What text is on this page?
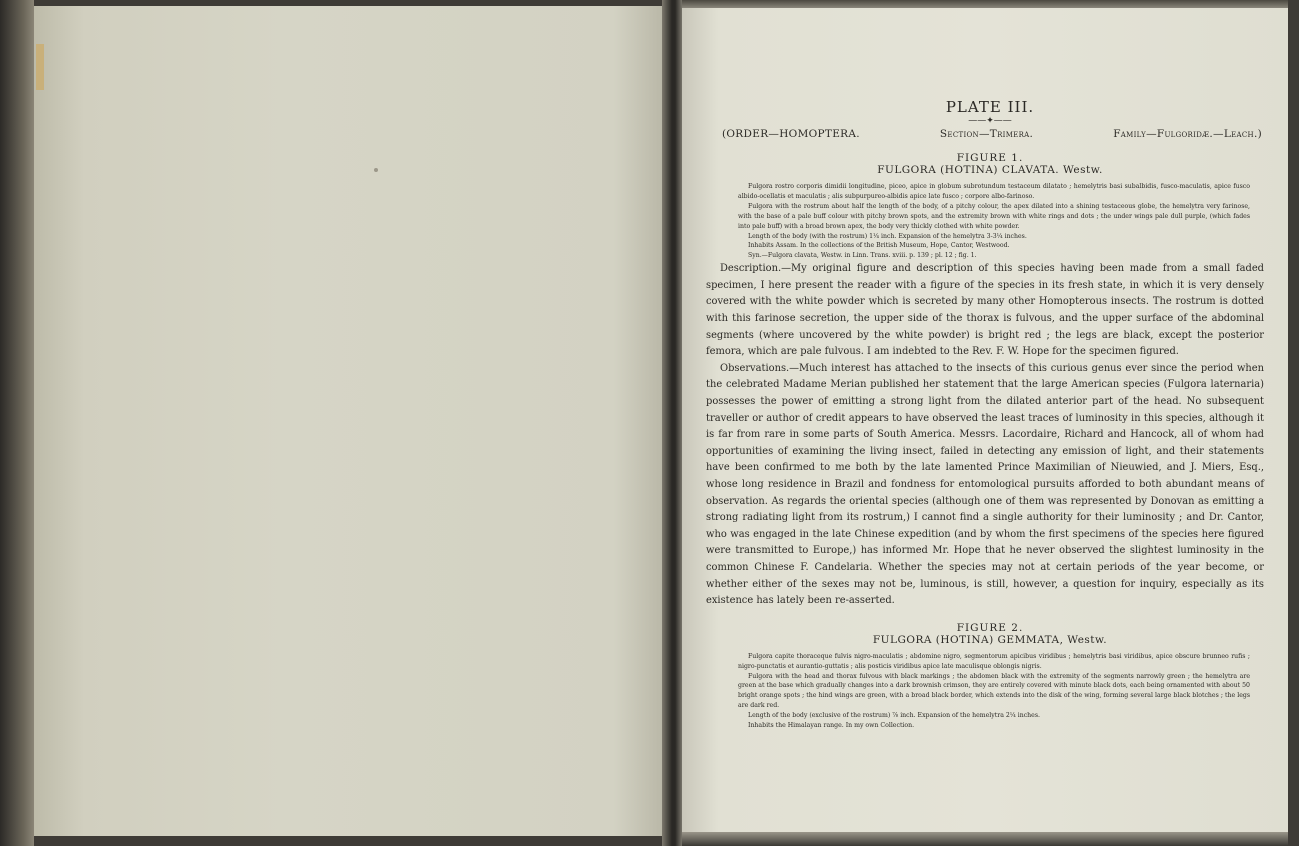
PLATE III.

——✦——

(ORDER—HOMOPTERA.	Section—Trimera.	Family—Fulgoridæ.—Leach.)

FIGURE 1.

FULGORA (HOTINA) CLAVATA. Westw.

Fulgora rostro corporis dimidii longitudine, piceo, apice in globum subrotundum testaceum dilatato ; hemelytris basi subalbidis, fusco-maculatis, apice fusco albido-ocellatis et maculatis ; alis subpurpureo-albidis apice late fusco ; corpore albo-farinoso.

Fulgora with the rostrum about half the length of the body, of a pitchy colour, the apex dilated into a shining testaceous globe, the hemelytra very farinose, with the base of a pale buff colour with pitchy brown spots, and the extremity brown with white rings and dots ; the under wings pale dull purple, (which fades into pale buff) with a broad brown apex, the body very thickly clothed with white powder.

Length of the body (with the rostrum) 1¼ inch. Expansion of the hemelytra 3-3¼ inches.

Inhabits Assam. In the collections of the British Museum, Hope, Cantor, Westwood.

Syn.—Fulgora clavata, Westw. in Linn. Trans. xviii. p. 139 ; pl. 12 ; fig. 1.

Description.—My original figure and description of this species having been made from a small faded specimen, I here present the reader with a figure of the species in its fresh state, in which it is very densely covered with the white powder which is secreted by many other Homopterous insects. The rostrum is dotted with this farinose secretion, the upper side of the thorax is fulvous, and the upper surface of the abdominal segments (where uncovered by the white powder) is bright red ; the legs are black, except the posterior femora, which are pale fulvous. I am indebted to the Rev. F. W. Hope for the specimen figured.

Observations.—Much interest has attached to the insects of this curious genus ever since the period when the celebrated Madame Merian published her statement that the large American species (Fulgora laternaria) possesses the power of emitting a strong light from the dilated anterior part of the head. No subsequent traveller or author of credit appears to have observed the least traces of luminosity in this species, although it is far from rare in some parts of South America. Messrs. Lacordaire, Richard and Hancock, all of whom had opportunities of examining the living insect, failed in detecting any emission of light, and their statements have been confirmed to me both by the late lamented Prince Maximilian of Nieuwied, and J. Miers, Esq., whose long residence in Brazil and fondness for entomological pursuits afforded to both abundant means of observation. As regards the oriental species (although one of them was represented by Donovan as emitting a strong radiating light from its rostrum,) I cannot find a single authority for their luminosity ; and Dr. Cantor, who was engaged in the late Chinese expedition (and by whom the first specimens of the species here figured were transmitted to Europe,) has informed Mr. Hope that he never observed the slightest luminosity in the common Chinese F. Candelaria. Whether the species may not at certain periods of the year become, or whether either of the sexes may not be, luminous, is still, however, a question for inquiry, especially as its existence has lately been re-asserted.

FIGURE 2.

FULGORA (HOTINA) GEMMATA, Westw.

Fulgora capite thoraceque fulvis nigro-maculatis ; abdomine nigro, segmentorum apicibus viridibus ; hemelytris basi viridibus, apice obscure brunneo rufis ; nigro-punctatis et aurantio-guttatis ; alis posticis viridibus apice late maculisque oblongis nigris.

Fulgora with the head and thorax fulvous with black markings ; the abdomen black with the extremity of the segments narrowly green ; the hemelytra are green at the base which gradually changes into a dark brownish crimson, they are entirely covered with minute black dots, each being ornamented with about 50 bright orange spots ; the hind wings are green, with a broad black border, which extends into the disk of the wing, forming several large black blotches ; the legs are dark red.

Length of the body (exclusive of the rostrum) ⅞ inch. Expansion of the hemelytra 2¼ inches.

Inhabits the Himalayan range. In my own Collection.
